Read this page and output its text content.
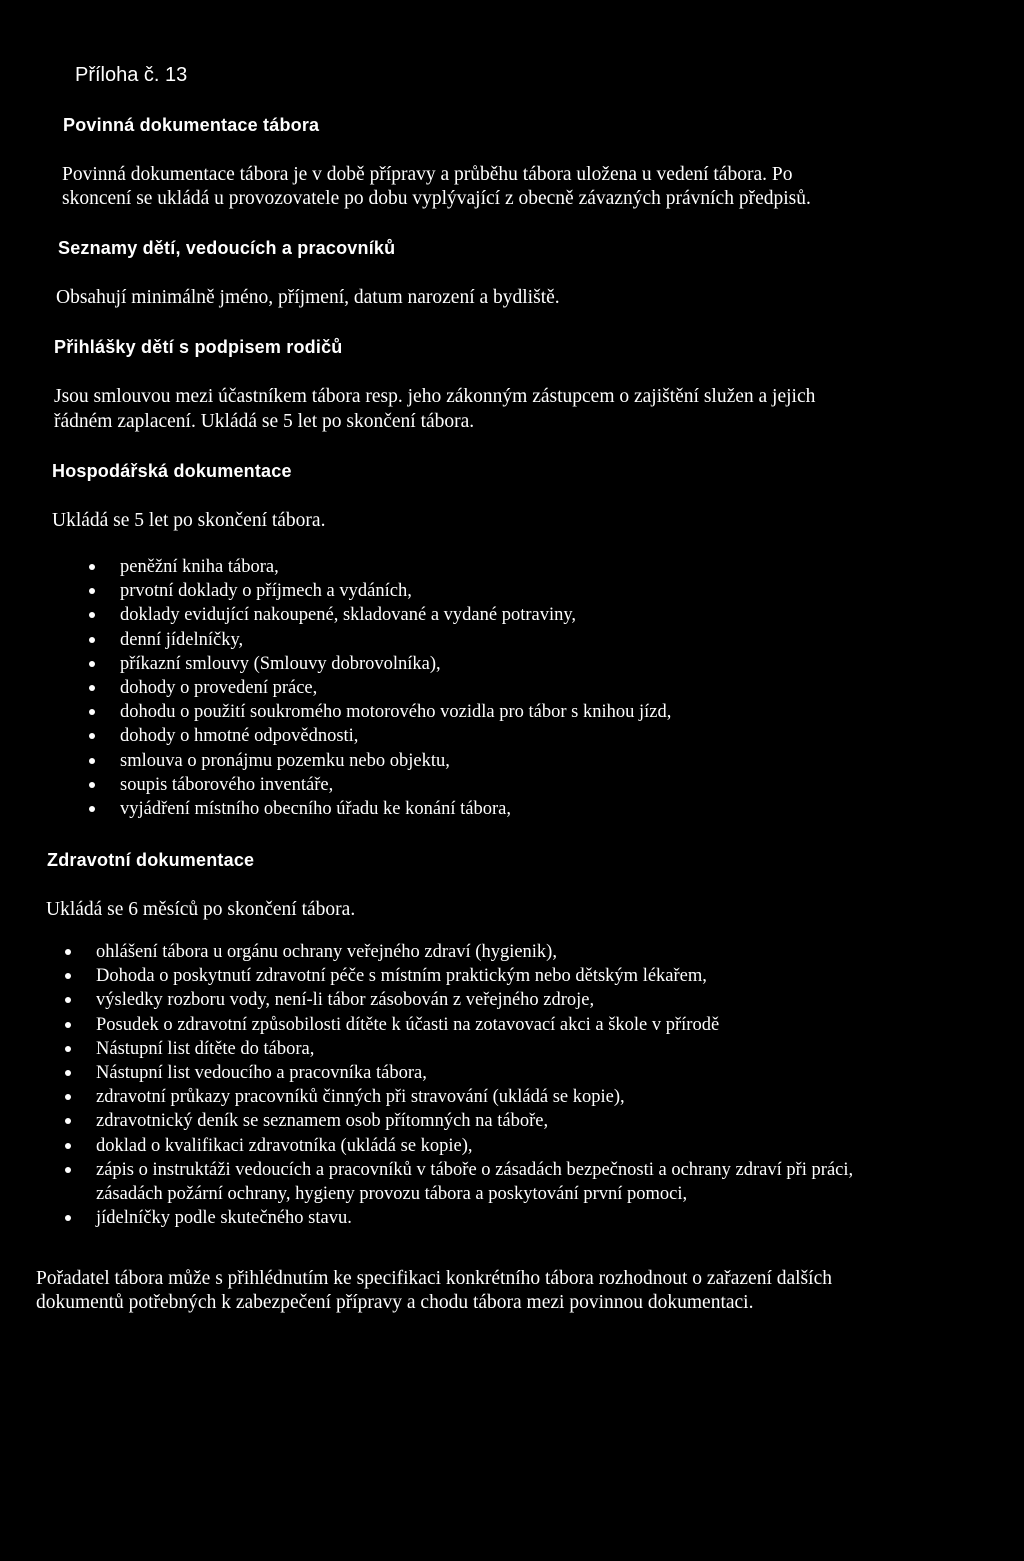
Příloha č. 13
Povinná dokumentace tábora
Povinná dokumentace tábora je v době přípravy a průběhu tábora uložena u vedení tábora. Po
skoncení se ukládá u provozovatele po dobu vyplývající z obecně závazných právních předpisů.
Seznamy dětí, vedoucích a pracovníků
Obsahují minimálně jméno, příjmení, datum narození a bydliště.
Přihlášky dětí s podpisem rodičů
Jsou smlouvou mezi účastníkem tábora resp. jeho zákonným zástupcem o zajištění služen a jejich
řádném zaplacení. Ukládá se 5 let po skončení tábora.
Hospodářská dokumentace
Ukládá se 5 let po skončení tábora.
peněžní kniha tábora,
prvotní doklady o příjmech a vydáních,
doklady evidující nakoupené, skladované a vydané potraviny,
denní jídelníčky,
příkazní smlouvy (Smlouvy dobrovolníka),
dohody o provedení práce,
dohodu o použití soukromého motorového vozidla pro tábor s knihou jízd,
dohody o hmotné odpovědnosti,
smlouva o pronájmu pozemku nebo objektu,
soupis táborového inventáře,
vyjádření místního obecního úřadu ke konání tábora,
Zdravotní dokumentace
Ukládá se 6 měsíců po skončení tábora.
ohlášení tábora u orgánu ochrany veřejného zdraví (hygienik),
Dohoda o poskytnutí zdravotní péče s místním praktickým nebo dětským lékařem,
výsledky rozboru vody, není-li tábor zásobován z veřejného zdroje,
Posudek o zdravotní způsobilosti dítěte k účasti na zotavovací akci a škole v přírodě
Nástupní list dítěte do tábora,
Nástupní list vedoucího a pracovníka tábora,
zdravotní průkazy pracovníků činných při stravování (ukládá se kopie),
zdravotnický deník se seznamem osob přítomných na táboře,
doklad o kvalifikaci zdravotníka (ukládá se kopie),
zápis o instruktáži vedoucích a pracovníků v táboře o zásadách bezpečnosti a ochrany zdraví při práci, zásadách požární ochrany, hygieny provozu tábora a poskytování první pomoci,
jídelníčky podle skutečného stavu.
Pořadatel tábora může s přihlédnutím ke specifikaci konkrétního tábora rozhodnout o zařazení dalších
dokumentů potřebných k zabezpečení přípravy a chodu tábora mezi povinnou dokumentaci.
